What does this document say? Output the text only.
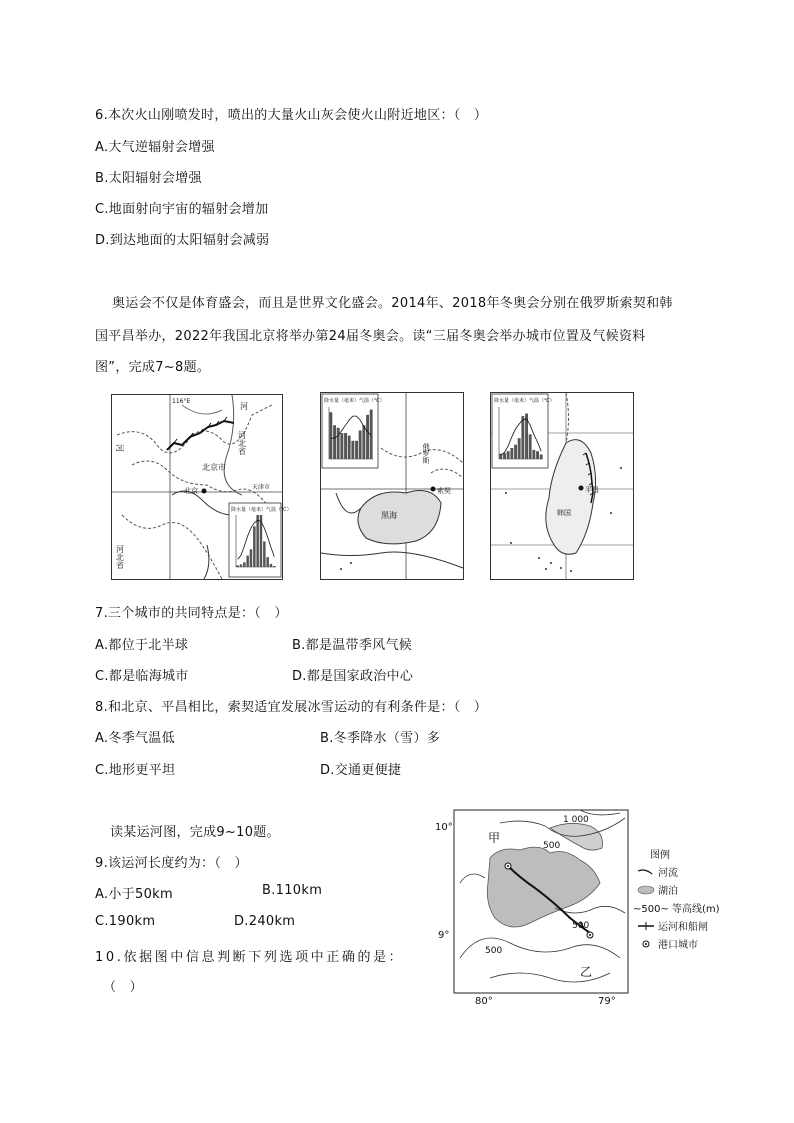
6.本次火山刚喷发时，喷出的大量火山灰会使火山附近地区：（　）
A.大气逆辐射会增强
B.太阳辐射会增强
C.地面射向宇宙的辐射会增加
D.到达地面的太阳辐射会减弱
奥运会不仅是体育盛会，而且是世界文化盛会。2014年、2018年冬奥会分别在俄罗斯索契和韩
国平昌举办，2022年我国北京将举办第24届冬奥会。读“三届冬奥会举办城市位置及气候资料
图”，完成7~8题。
河
河
河北省
北京市
天津市
河北省
北京
116°E
降水量（毫米）气温（℃）
黑海
俄罗斯
索契
降水量（毫米）气温（℃）
韩国
平昌
降水量（毫米）气温（℃）
7.三个城市的共同特点是：（　）
A.都位于北半球	B.都是温带季风气候
C.都是临海城市	D.都是国家政治中心
8.和北京、平昌相比，索契适宜发展冰雪运动的有利条件是：（　）
A.冬季气温低	B.冬季降水（雪）多
C.地形更平坦	D.交通更便捷
读某运河图，完成9~10题。
9.该运河长度约为：（　）
A.小于50km	B.110km
C.190km	D.240km
10.依据图中信息判断下列选项中正确的是：
（　）
10°
9°
80°	79°
甲
乙
1 000
500
500
500
图例
河流
湖泊
~500~ 等高线(m)
运河和船闸
港口城市
